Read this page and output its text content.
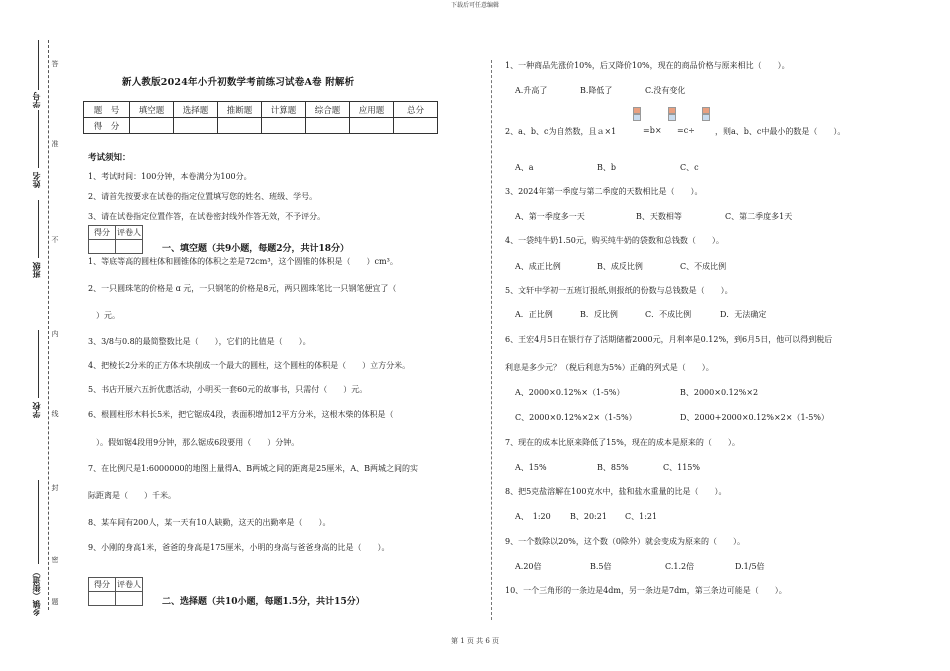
下载后可任意编辑
第 1 页 共 6 页
学号
姓名
班级
学校
乡镇（街道）
答
准
不
内
线
封
密
题
新人教版2024年小升初数学考前练习试卷A卷 附解析
题　号	填空题	选择题	推断题	计算题	综合题	应用题	总分
得　分							
考试须知：
1、考试时间：100分钟，本卷满分为100分。
2、请首先按要求在试卷的指定位置填写您的姓名、班级、学号。
3、请在试卷指定位置作答，在试卷密封线外作答无效，不予评分。
得分	评卷人

一、填空题（共9小题，每题2分，共计18分）
1、等底等高的圆柱体和圆锥体的体积之差是72cm³，这个圆锥的体积是（　　）cm³。
2、一只圆珠笔的价格是 ɑ 元，一只钢笔的价格是8元，两只圆珠笔比一只钢笔便宜了（
　）元。
3、3/8与0.8的最简整数比是（　　），它们的比值是（　　）。
4、把棱长2分米的正方体木块削成一个最大的圆柱，这个圆柱的体积是（　　）立方分米。
5、书店开展六五折优惠活动，小明买一套60元的故事书，只需付（　　）元。
6、根圆柱形木料长5米，把它锯成4段，表面积增加12平方分米，这根木柴的体积是（
　）。假如锯4段用9分钟，那么锯成6段要用（　　）分钟。
7、在比例尺是1:6000000的地图上量得A、B两城之间的距离是25厘米，A、B两城之间的实
际距离是（　　）千米。
8、某车间有200人，某一天有10人缺勤，这天的出勤率是（　　）。
9、小刚的身高1米，爸爸的身高是175厘米，小明的身高与爸爸身高的比是（　　）。
得分	评卷人

二、选择题（共10小题，每题1.5分，共计15分）
1、一种商品先涨价10%，后又降价10%，现在的商品价格与原来相比（　　）。
A.升高了	B.降低了	C.没有变化
2、a、b、c为自然数，且ａ×1	=b× =c÷	，则a、b、c中最小的数是（　　）。
A、a	B、b	C、c
3、2024年第一季度与第二季度的天数相比是（　　）。
A、第一季度多一天	B、天数相等	C、第二季度多1天
4、一袋纯牛奶1.50元，购买纯牛奶的袋数和总钱数（　　）。
A、成正比例	B、成反比例	C、不成比例
5、文轩中学初一五班订报纸,则报纸的份数与总钱数是（　　）。
A．正比例	B．反比例	C．不成比例	D．无法确定
6、王宏4月5日在银行存了活期储蓄2000元，月利率是0.12%，到6月5日，他可以得到税后
利息是多少元？（税后利息为5%）正确的列式是（　　）。
A、2000×0.12%×（1-5%）	B、2000×0.12%×2
C、2000×0.12%×2×（1-5%）	D、2000+2000×0.12%×2×（1-5%）
7、现在的成本比原来降低了15%，现在的成本是原来的（　　）。
A、15%	B、85%	C、115%
8、把5克盐溶解在100克水中，盐和盐水重量的比是（　　）。
A、　1:20 B、20:21 C、1:21
9、一个数除以20%，这个数（0除外）就会变成为原来的（　　）。
A.20倍	B.5倍	C.1.2倍	D.1/5倍
10、一个三角形的一条边是4dm，另一条边是7dm，第三条边可能是（　　）。
